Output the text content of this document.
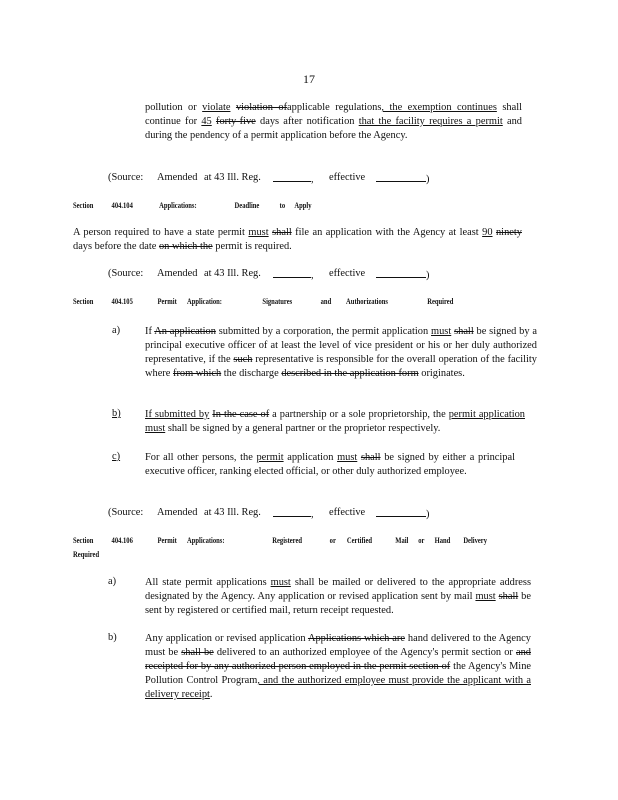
17
pollution or violate violation ofapplicable regulations, the exemption continues shall continue for 45 forty-five days after notification that the facility requires a permit and during the pendency of a permit application before the Agency.
(Source: Amended at 43 Ill. Reg.	, effective	)
Section 404.104	Applications:	Deadline	to Apply
A person required to have a state permit must shall file an application with the Agency at least 90 ninety days before the date on which the permit is required.
(Source: Amended at 43 Ill. Reg.	, effective	)
Section 404.105	Permit Application:	Signatures	and Authorizations	Required
a) If An application submitted by a corporation, the permit application must shall be signed by a principal executive officer of at least the level of vice president or his or her duly authorized representative, if the such representative is responsible for the overall operation of the facility where from which the discharge described in the application form originates.
b) If submitted by In the case of a partnership or a sole proprietorship, the permit application must shall be signed by a general partner or the proprietor respectively.
c) For all other persons, the permit application must shall be signed by either a principal executive officer, ranking elected official, or other duly authorized employee.
(Source: Amended at 43 Ill. Reg.	, effective	)
Section 404.106	Permit Applications:	Registered	or Certified	Mail or Hand Delivery
Required
a)	All state permit applications must shall be mailed or delivered to the appropriate address designated by the Agency. Any application or revised application sent by mail must shall be sent by registered or certified mail, return receipt requested.
b)	Any application or revised application Applications which are hand delivered to the Agency must be shall be delivered to an authorized employee of the Agency's permit section or and receipted for by any authorized person employed in the permit section of the Agency's Mine Pollution Control Program, and the authorized employee must provide the applicant with a delivery receipt.
